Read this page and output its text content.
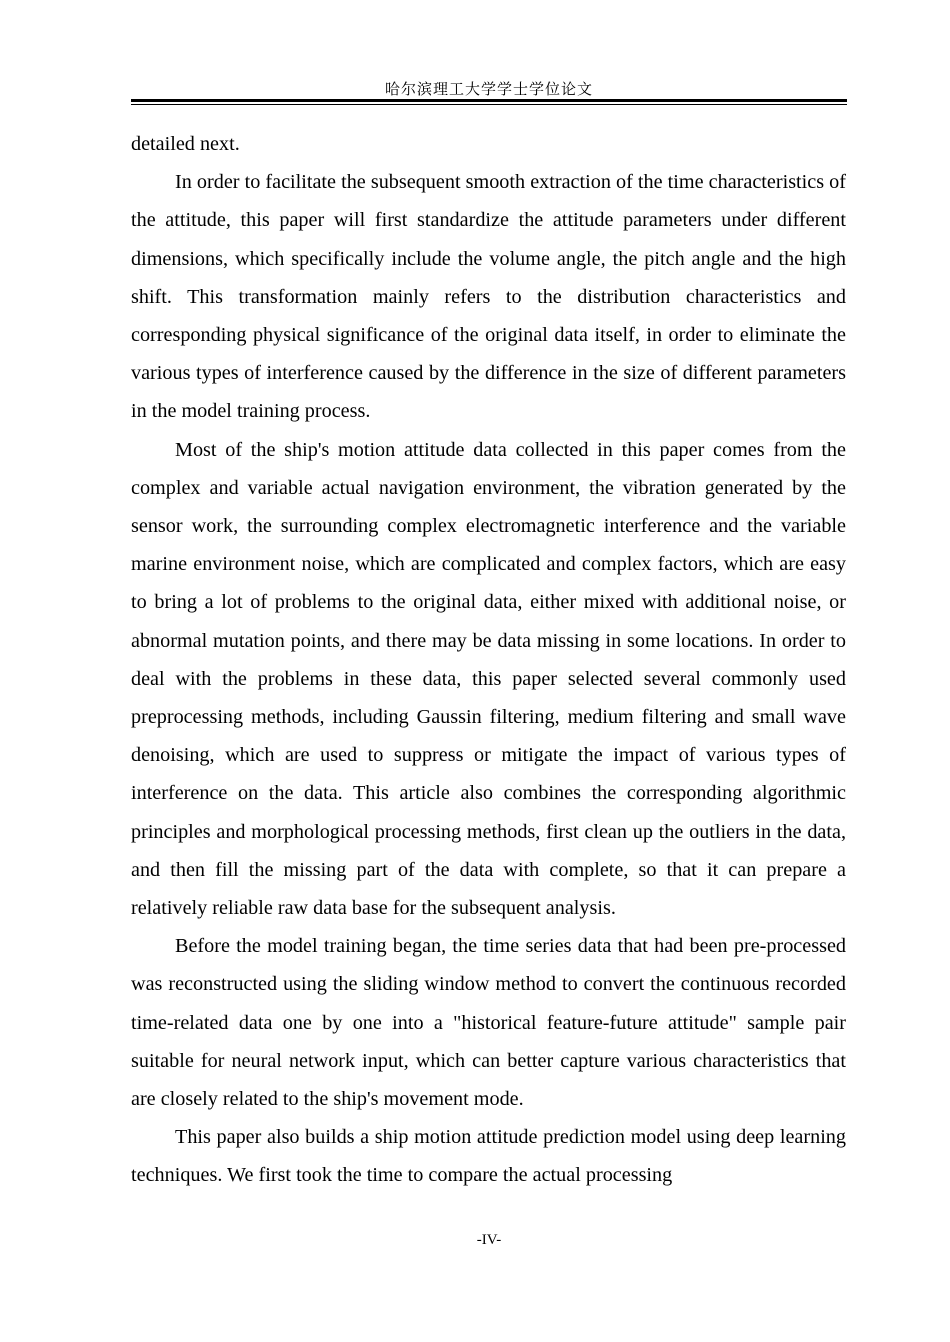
哈尔滨理工大学学士学位论文

detailed next.

In order to facilitate the subsequent smooth extraction of the time characteristics of the attitude, this paper will first standardize the attitude parameters under different dimensions, which specifically include the volume angle, the pitch angle and the high shift. This transformation mainly refers to the distribution characteristics and corresponding physical significance of the original data itself, in order to eliminate the various types of interference caused by the difference in the size of different parameters in the model training process.

Most of the ship's motion attitude data collected in this paper comes from the complex and variable actual navigation environment, the vibration generated by the sensor work, the surrounding complex electromagnetic interference and the variable marine environment noise, which are complicated and complex factors, which are easy to bring a lot of problems to the original data, either mixed with additional noise, or abnormal mutation points, and there may be data missing in some locations. In order to deal with the problems in these data, this paper selected several commonly used preprocessing methods, including Gaussin filtering, medium filtering and small wave denoising, which are used to suppress or mitigate the impact of various types of interference on the data. This article also combines the corresponding algorithmic principles and morphological processing methods, first clean up the outliers in the data, and then fill the missing part of the data with complete, so that it can prepare a relatively reliable raw data base for the subsequent analysis.

Before the model training began, the time series data that had been pre-processed was reconstructed using the sliding window method to convert the continuous recorded time-related data one by one into a "historical feature-future attitude" sample pair suitable for neural network input, which can better capture various characteristics that are closely related to the ship's movement mode.

This paper also builds a ship motion attitude prediction model using deep learning techniques. We first took the time to compare the actual processing

-IV-
